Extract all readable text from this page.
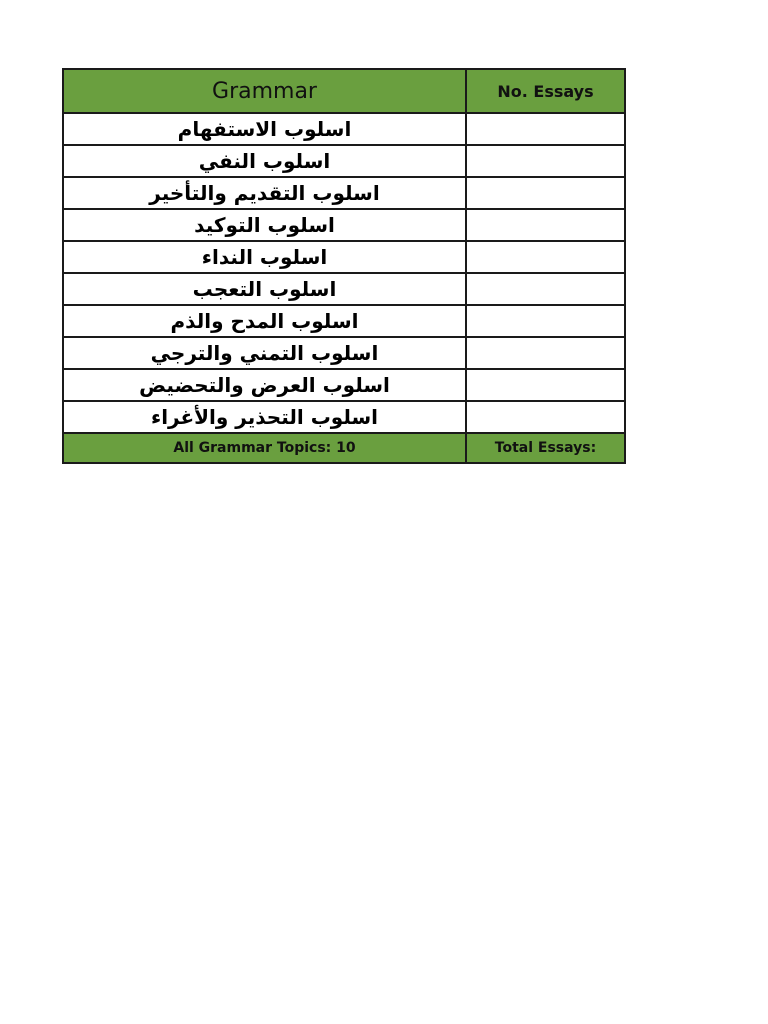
Grammar	No. Essays
اسلوب الاستفهام	
اسلوب النفي	
اسلوب التقديم والتأخير	
اسلوب التوكيد	
اسلوب النداء	
اسلوب التعجب	
اسلوب المدح والذم	
اسلوب التمني والترجي	
اسلوب العرض والتحضيض	
اسلوب التحذير والأغراء	
All Grammar Topics: 10	Total Essays:
